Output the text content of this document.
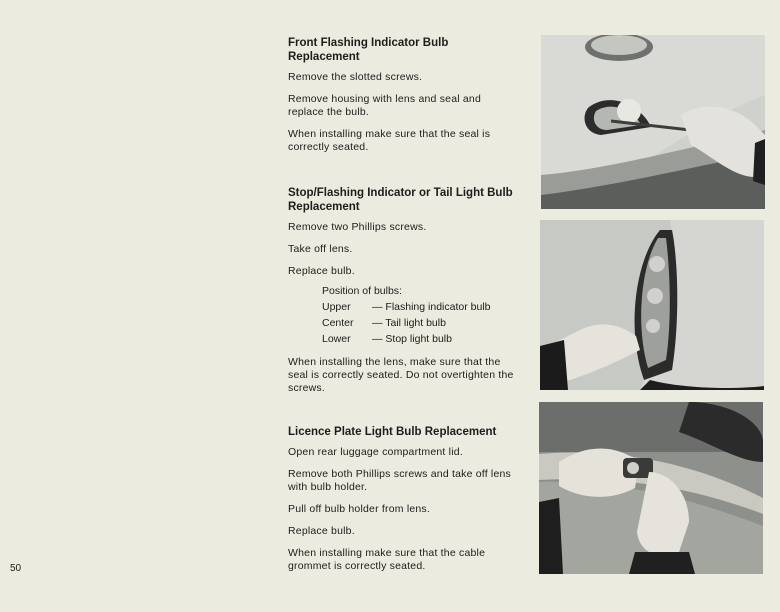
Front Flashing Indicator Bulb Replacement
Remove the slotted screws.
Remove housing with lens and seal and replace the bulb.
When installing make sure that the seal is correctly seated.
Stop/Flashing Indicator or Tail Light Bulb Replacement
Remove two Phillips screws.
Take off lens.
Replace bulb.
Position of bulbs:
Upper	— Flashing indicator bulb
Center	— Tail light bulb
Lower	— Stop light bulb
When installing the lens, make sure that the seal is correctly seated. Do not overtighten the screws.
Licence Plate Light Bulb Replacement
Open rear luggage compartment lid.
Remove both Phillips screws and take off lens with bulb holder.
Pull off bulb holder from lens.
Replace bulb.
When installing make sure that the cable grommet is correctly seated.
50
